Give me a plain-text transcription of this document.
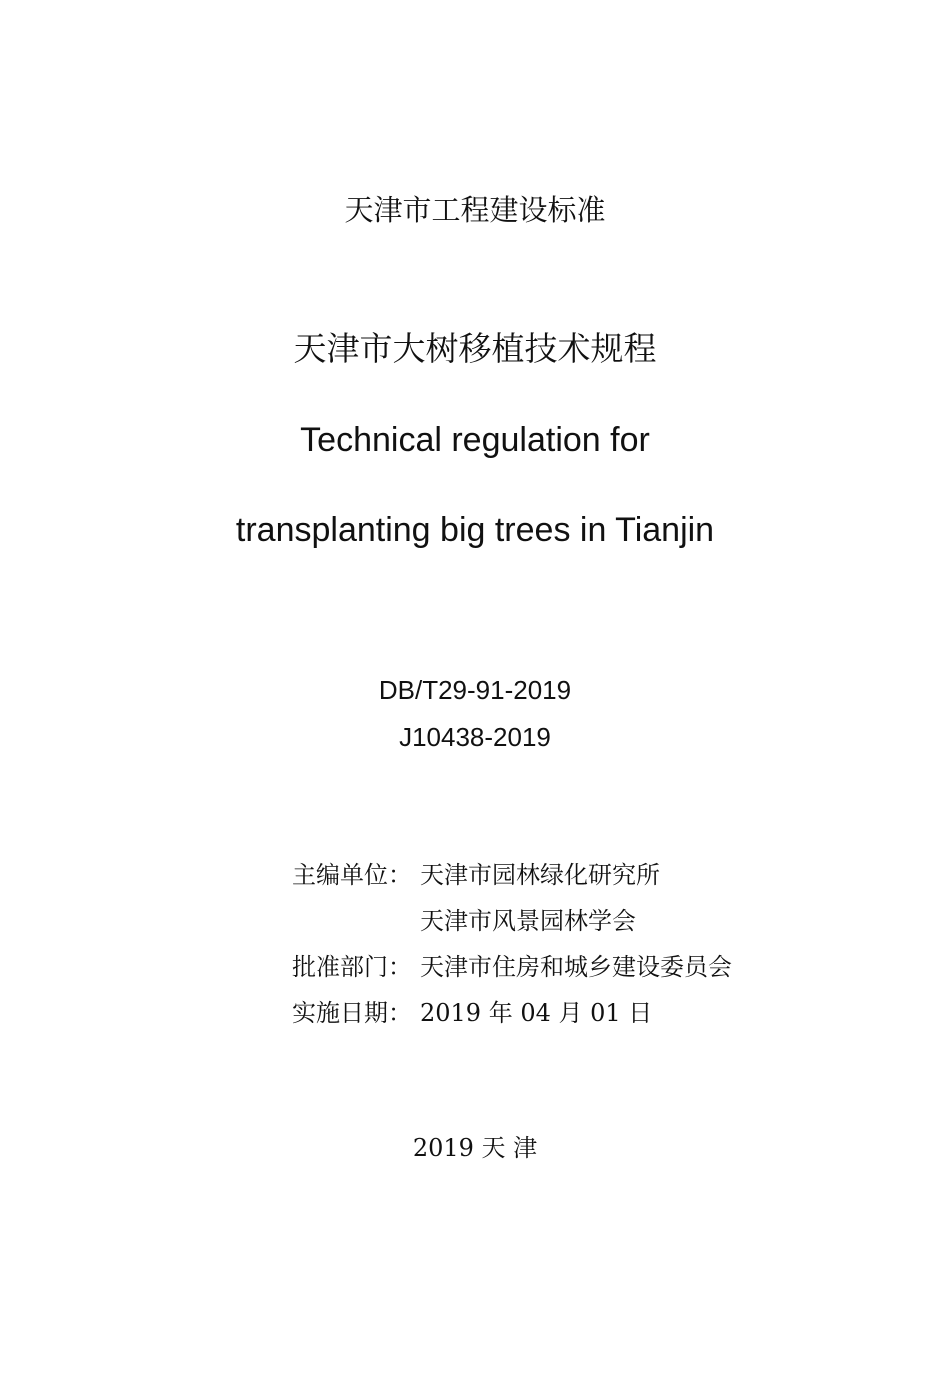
天津市工程建设标准
天津市大树移植技术规程
Technical regulation for
transplanting big trees in Tianjin
DB/T29-91-2019
J10438-2019
主编单位： 天津市园林绿化研究所
天津市风景园林学会
批准部门： 天津市住房和城乡建设委员会
实施日期： 2019 年 04 月 01 日
2019 天 津
